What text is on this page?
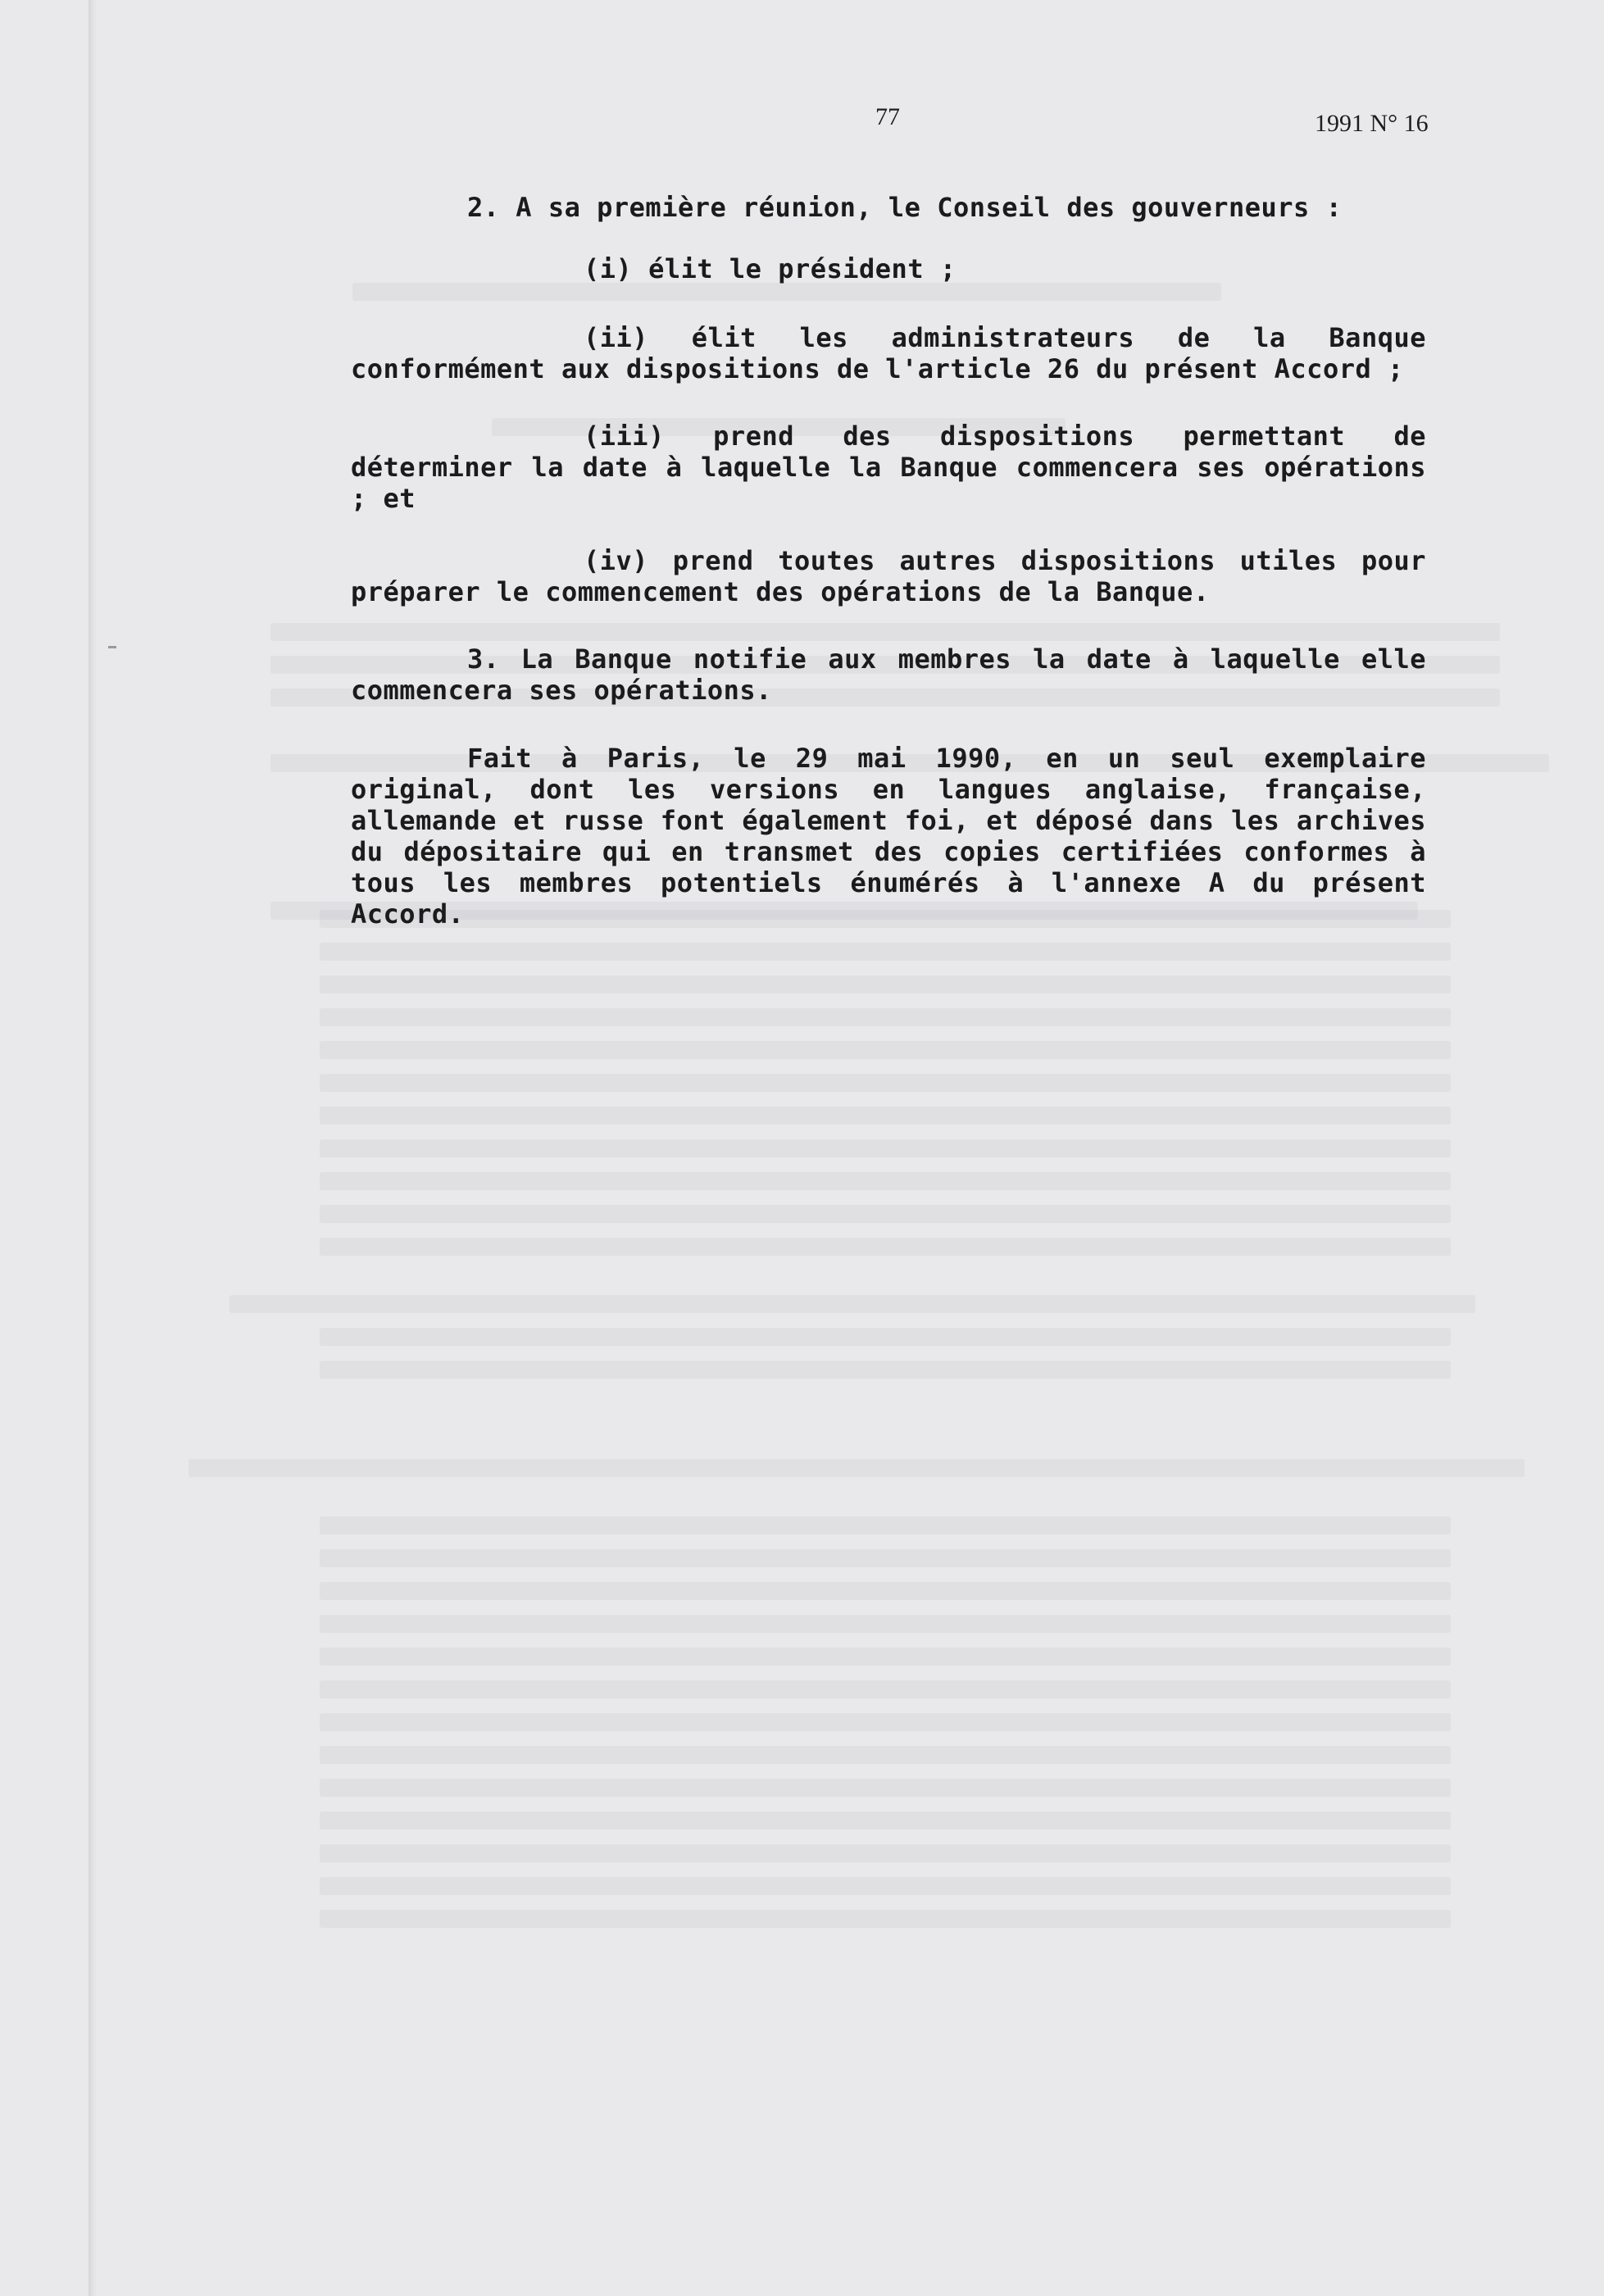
77	1991 N° 16
2. A sa première réunion, le Conseil des gouverneurs :
(i) élit le président ;
(ii) élit les administrateurs de la Banque
conformément aux dispositions de l'article 26 du présent Accord ;
(iii) prend des dispositions permettant de
déterminer la date à laquelle la Banque commencera ses opérations ; et
(iv) prend toutes autres dispositions utiles pour
préparer le commencement des opérations de la Banque.
3. La Banque notifie aux membres la date à laquelle elle
commencera ses opérations.
Fait à Paris, le 29 mai 1990, en un seul exemplaire
original, dont les versions en langues anglaise, française, allemande et russe font également foi, et déposé dans les archives du dépositaire qui en transmet des copies certifiées conformes à tous les membres potentiels énumérés à l'annexe A du présent Accord.
